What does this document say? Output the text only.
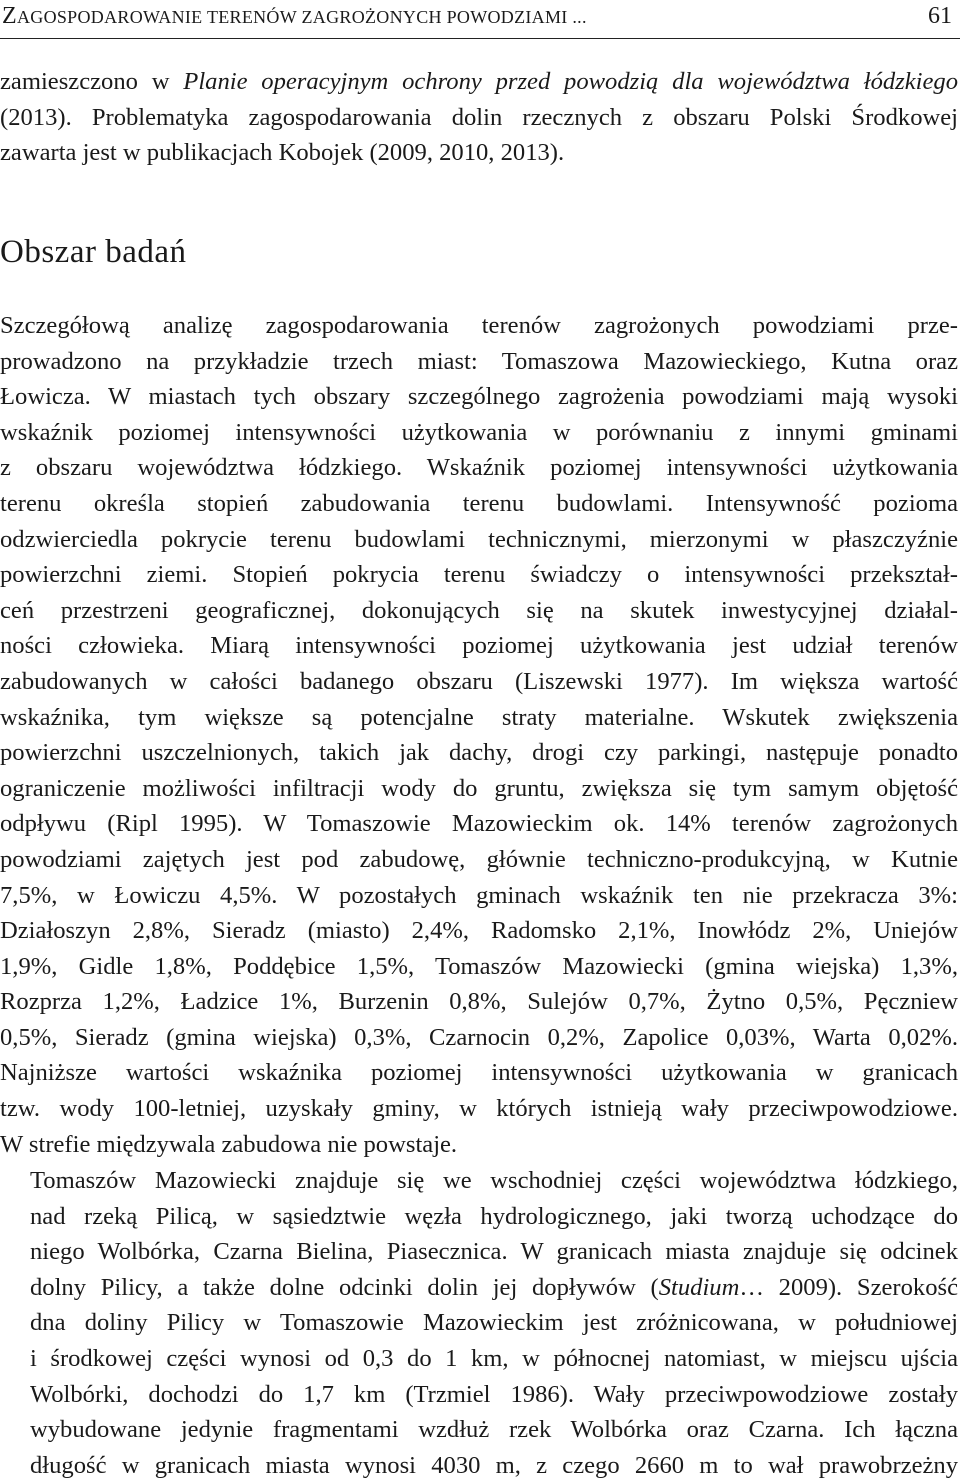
ZAGOSPODAROWANIE TERENÓW ZAGROŻONYCH POWODZIAMI ...	61
zamieszczono w Planie operacyjnym ochrony przed powodzią dla województwa łódzkiego
(2013). Problematyka zagospodarowania dolin rzecznych z obszaru Polski Środkowej
zawarta jest w publikacjach Kobojek (2009, 2010, 2013).
Obszar badań
Szczegółową analizę zagospodarowania terenów zagrożonych powodziami prze-
prowadzono na przykładzie trzech miast: Tomaszowa Mazowieckiego, Kutna oraz
Łowicza. W miastach tych obszary szczególnego zagrożenia powodziami mają wysoki
wskaźnik poziomej intensywności użytkowania w porównaniu z innymi gminami
z obszaru województwa łódzkiego. Wskaźnik poziomej intensywności użytkowania
terenu określa stopień zabudowania terenu budowlami. Intensywność pozioma
odzwierciedla pokrycie terenu budowlami technicznymi, mierzonymi w płaszczyźnie
powierzchni ziemi. Stopień pokrycia terenu świadczy o intensywności przekształ-
ceń przestrzeni geograficznej, dokonujących się na skutek inwestycyjnej działal-
ności człowieka. Miarą intensywności poziomej użytkowania jest udział terenów
zabudowanych w całości badanego obszaru (Liszewski 1977). Im większa wartość
wskaźnika, tym większe są potencjalne straty materialne. Wskutek zwiększenia
powierzchni uszczelnionych, takich jak dachy, drogi czy parkingi, następuje ponadto
ograniczenie możliwości infiltracji wody do gruntu, zwiększa się tym samym objętość
odpływu (Ripl 1995). W Tomaszowie Mazowieckim ok. 14% terenów zagrożonych
powodziami zajętych jest pod zabudowę, głównie techniczno-produkcyjną, w Kutnie
7,5%, w Łowiczu 4,5%. W pozostałych gminach wskaźnik ten nie przekracza 3%:
Działoszyn 2,8%, Sieradz (miasto) 2,4%, Radomsko 2,1%, Inowłódz 2%, Uniejów
1,9%, Gidle 1,8%, Poddębice 1,5%, Tomaszów Mazowiecki (gmina wiejska) 1,3%,
Rozprza 1,2%, Ładzice 1%, Burzenin 0,8%, Sulejów 0,7%, Żytno 0,5%, Pęczniew
0,5%, Sieradz (gmina wiejska) 0,3%, Czarnocin 0,2%, Zapolice 0,03%, Warta 0,02%.
Najniższe wartości wskaźnika poziomej intensywności użytkowania w granicach
tzw. wody 100-letniej, uzyskały gminy, w których istnieją wały przeciwpowodziowe.
W strefie międzywala zabudowa nie powstaje.
Tomaszów Mazowiecki znajduje się we wschodniej części województwa łódzkiego,
nad rzeką Pilicą, w sąsiedztwie węzła hydrologicznego, jaki tworzą uchodzące do
niego Wolbórka, Czarna Bielina, Piasecznica. W granicach miasta znajduje się odcinek
dolny Pilicy, a także dolne odcinki dolin jej dopływów (Studium… 2009). Szerokość
dna doliny Pilicy w Tomaszowie Mazowieckim jest zróżnicowana, w południowej
i środkowej części wynosi od 0,3 do 1 km, w północnej natomiast, w miejscu ujścia
Wolbórki, dochodzi do 1,7 km (Trzmiel 1986). Wały przeciwpowodziowe zostały
wybudowane jedynie fragmentami wzdłuż rzek Wolbórka oraz Czarna. Ich łączna
długość w granicach miasta wynosi 4030 m, z czego 2660 m to wał prawobrzeżny
